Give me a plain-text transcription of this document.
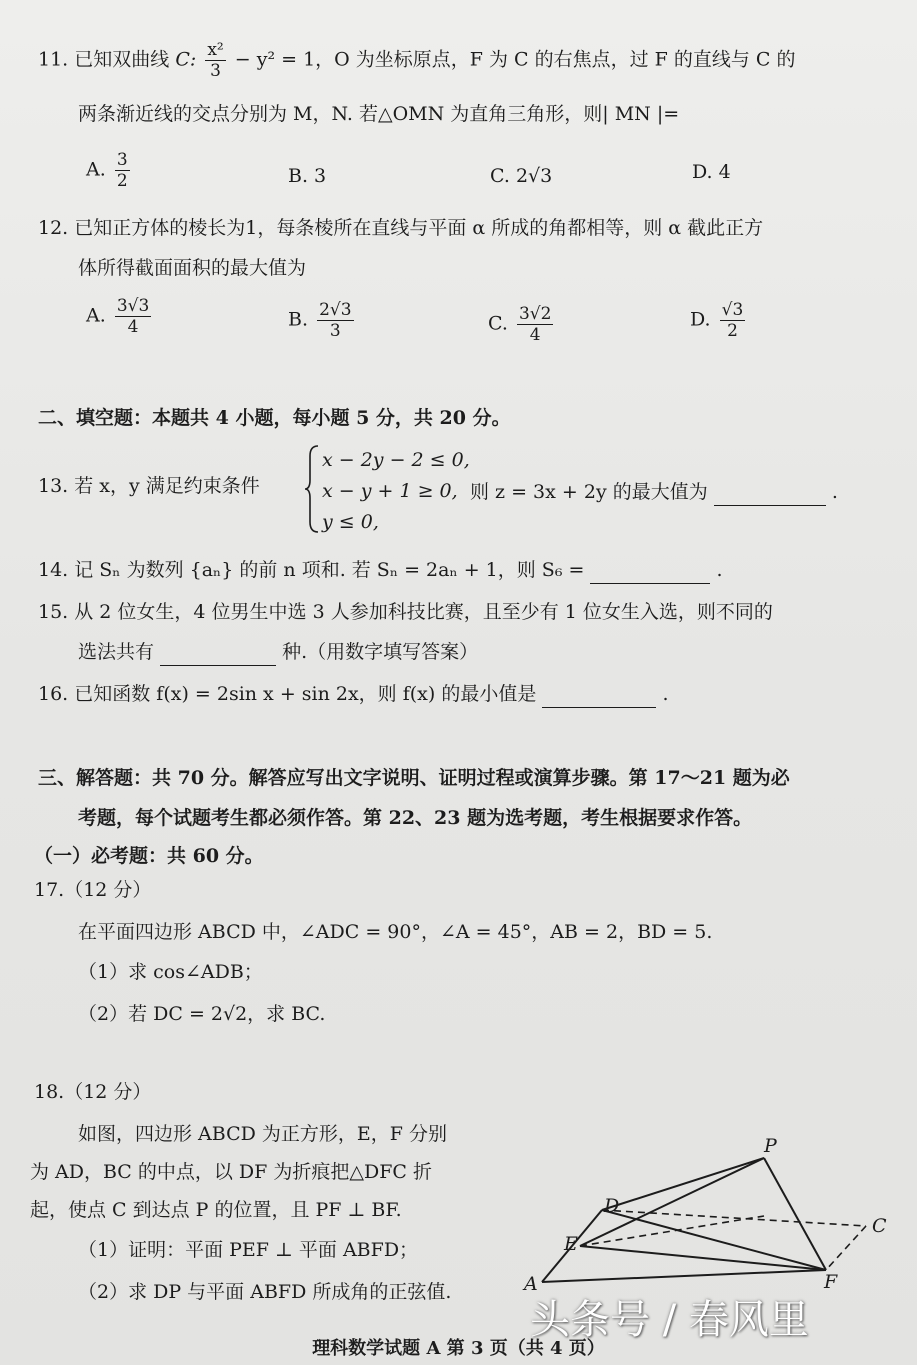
11. 已知双曲线 C: $\frac{\text{x²}}{3} - y^2 = 1$，O 为坐标原点，F 为 C 的右焦点，过 F 的直线与 C 的
两条渐近线的交点分别为 M，N. 若△OMN 为直角三角形，则| MN |=
A. $\frac{3}{2}$	B. 3	C. 2√3	D. 4
12. 已知正方体的棱长为1，每条棱所在直线与平面 α 所成的角都相等，则 α 截此正方
体所得截面面积的最大值为
A. $\frac{3√3}{4}$	B. $\frac{2√3}{3}$	C. $\frac{3√2}{4}$	D. $\frac{√3}{2}$
二、填空题：本题共 4 小题，每小题 5 分，共 20 分。
13. 若 x，y 满足约束条件
x − 2y − 2 ≤ 0,
x − y + 1 ≥ 0,
y ≤ 0,
则 z = 3x + 2y 的最大值为	.
14. 记 Sₙ 为数列 {aₙ} 的前 n 项和. 若 Sₙ = 2aₙ + 1，则 S₆ =	.
15. 从 2 位女生，4 位男生中选 3 人参加科技比赛，且至少有 1 位女生入选，则不同的
选法共有	种.（用数字填写答案）
16. 已知函数 f(x) = 2sin x + sin 2x，则 f(x) 的最小值是	.
三、解答题：共 70 分。解答应写出文字说明、证明过程或演算步骤。第 17～21 题为必
考题，每个试题考生都必须作答。第 22、23 题为选考题，考生根据要求作答。
（一）必考题：共 60 分。
17.（12 分）
在平面四边形 ABCD 中，∠ADC = 90°，∠A = 45°，AB = 2，BD = 5.
（1）求 cos∠ADB；
（2）若 DC = 2√2，求 BC.
18.（12 分）
如图，四边形 ABCD 为正方形，E，F 分别
为 AD，BC 的中点，以 DF 为折痕把△DFC 折
起，使点 C 到达点 P 的位置，且 PF ⊥ BF.
（1）证明：平面 PEF ⊥ 平面 ABFD；
（2）求 DP 与平面 ABFD 所成角的正弦值.
P
D
C
E
A	F
头条号 / 春风里
理科数学试题 A 第 3 页（共 4 页）
